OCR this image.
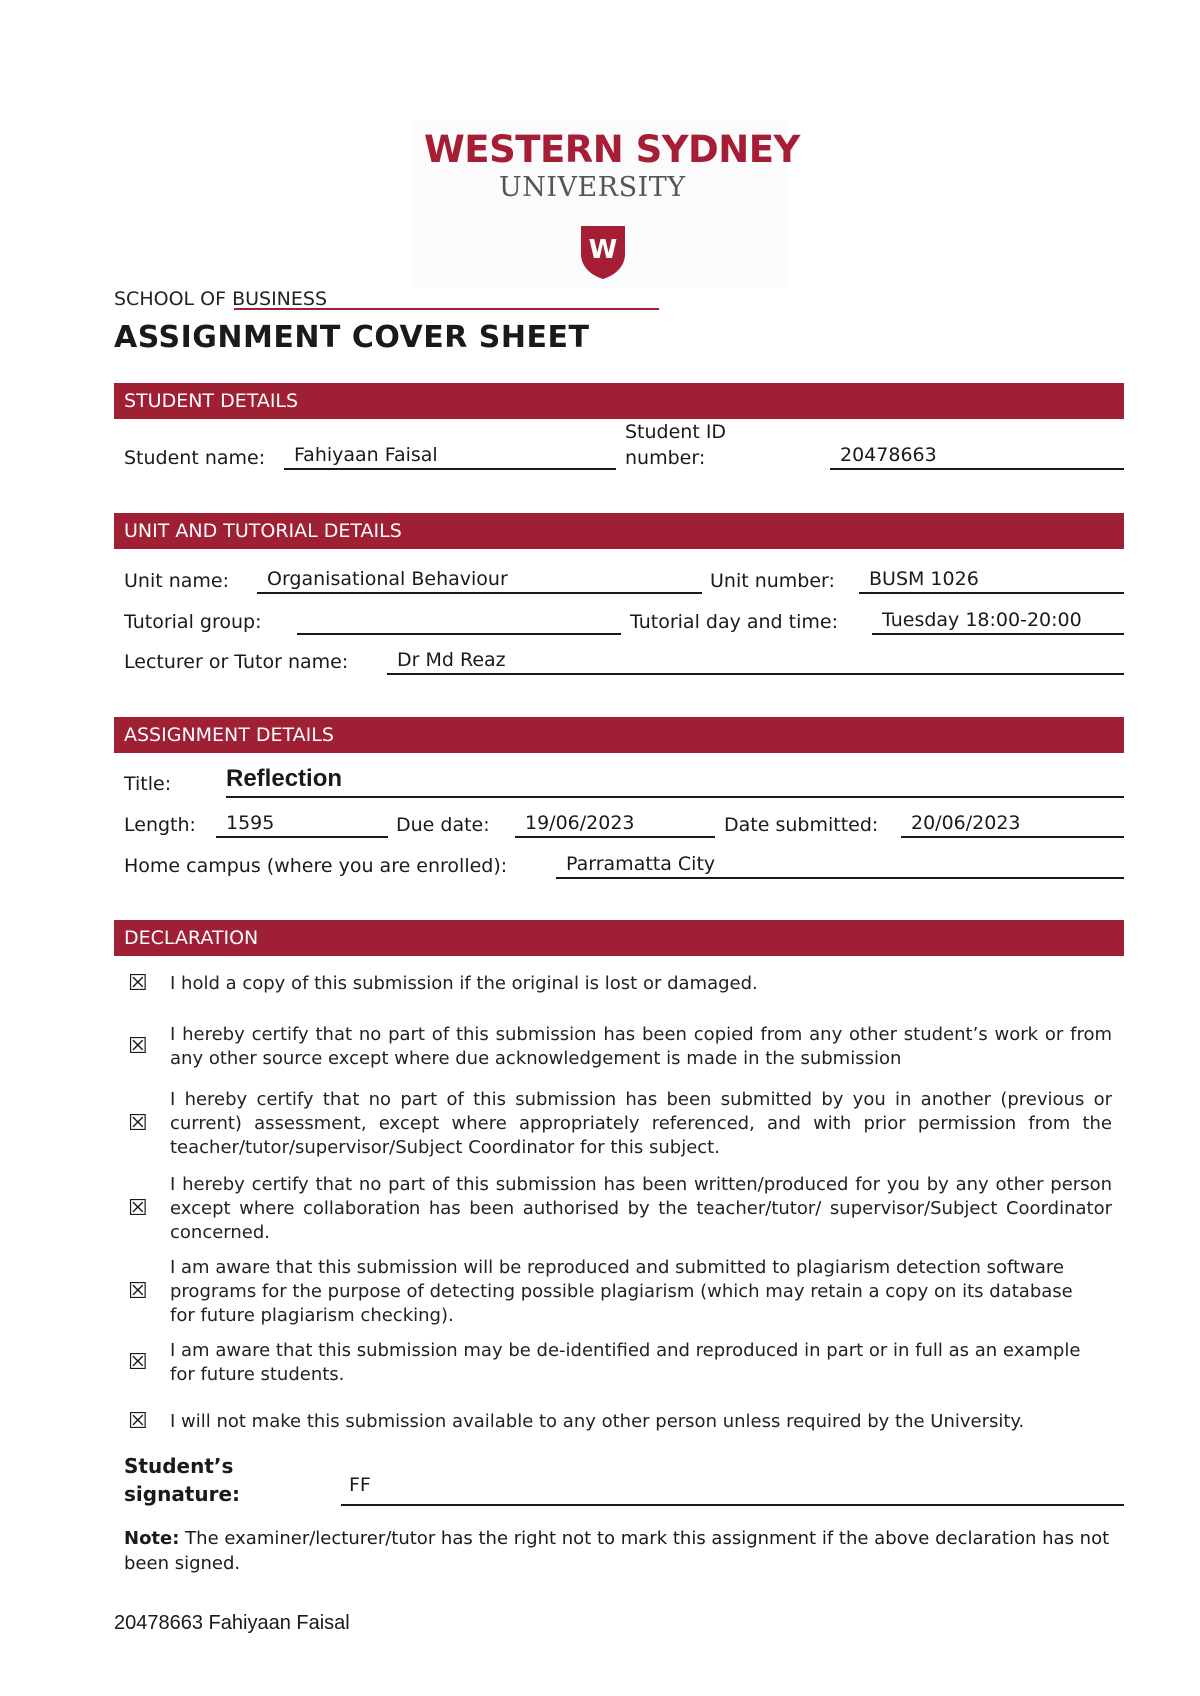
WESTERN SYDNEY
UNIVERSITY
W
SCHOOL OF BUSINESS
ASSIGNMENT COVER SHEET
STUDENT DETAILS
Student name:	Fahiyaan Faisal
Student ID
number:	20478663
UNIT AND TUTORIAL DETAILS
Unit name:	Organisational Behaviour	Unit number:	BUSM 1026
Tutorial group:	Tutorial day and time:	Tuesday 18:00-20:00
Lecturer or Tutor name:	Dr Md Reaz
ASSIGNMENT DETAILS
Title: Reflection
Length:	1595	Due date:	19/06/2023	Date submitted:	20/06/2023
Home campus (where you are enrolled):	Parramatta City
DECLARATION
☒ I hold a copy of this submission if the original is lost or damaged.
☒ I hereby certify that no part of this submission has been copied from any other student’s work or from any other source except where due acknowledgement is made in the submission
☒
I hereby certify that no part of this submission has been submitted by you in another (previous or current) assessment, except where appropriately referenced, and with prior permission from the teacher/tutor/supervisor/Subject Coordinator for this subject.
☒
I hereby certify that no part of this submission has been written/produced for you by any other person except where collaboration has been authorised by the teacher/tutor/ supervisor/Subject Coordinator concerned.
☒
I am aware that this submission will be reproduced and submitted to plagiarism detection software programs for the purpose of detecting possible plagiarism (which may retain a copy on its database for future plagiarism checking).
☒ I am aware that this submission may be de-identified and reproduced in part or in full as an example for future students.
☒ I will not make this submission available to any other person unless required by the University.
Student’s
signature:	FF
Note: The examiner/lecturer/tutor has the right not to mark this assignment if the above declaration has not been signed.
20478663 Fahiyaan Faisal
